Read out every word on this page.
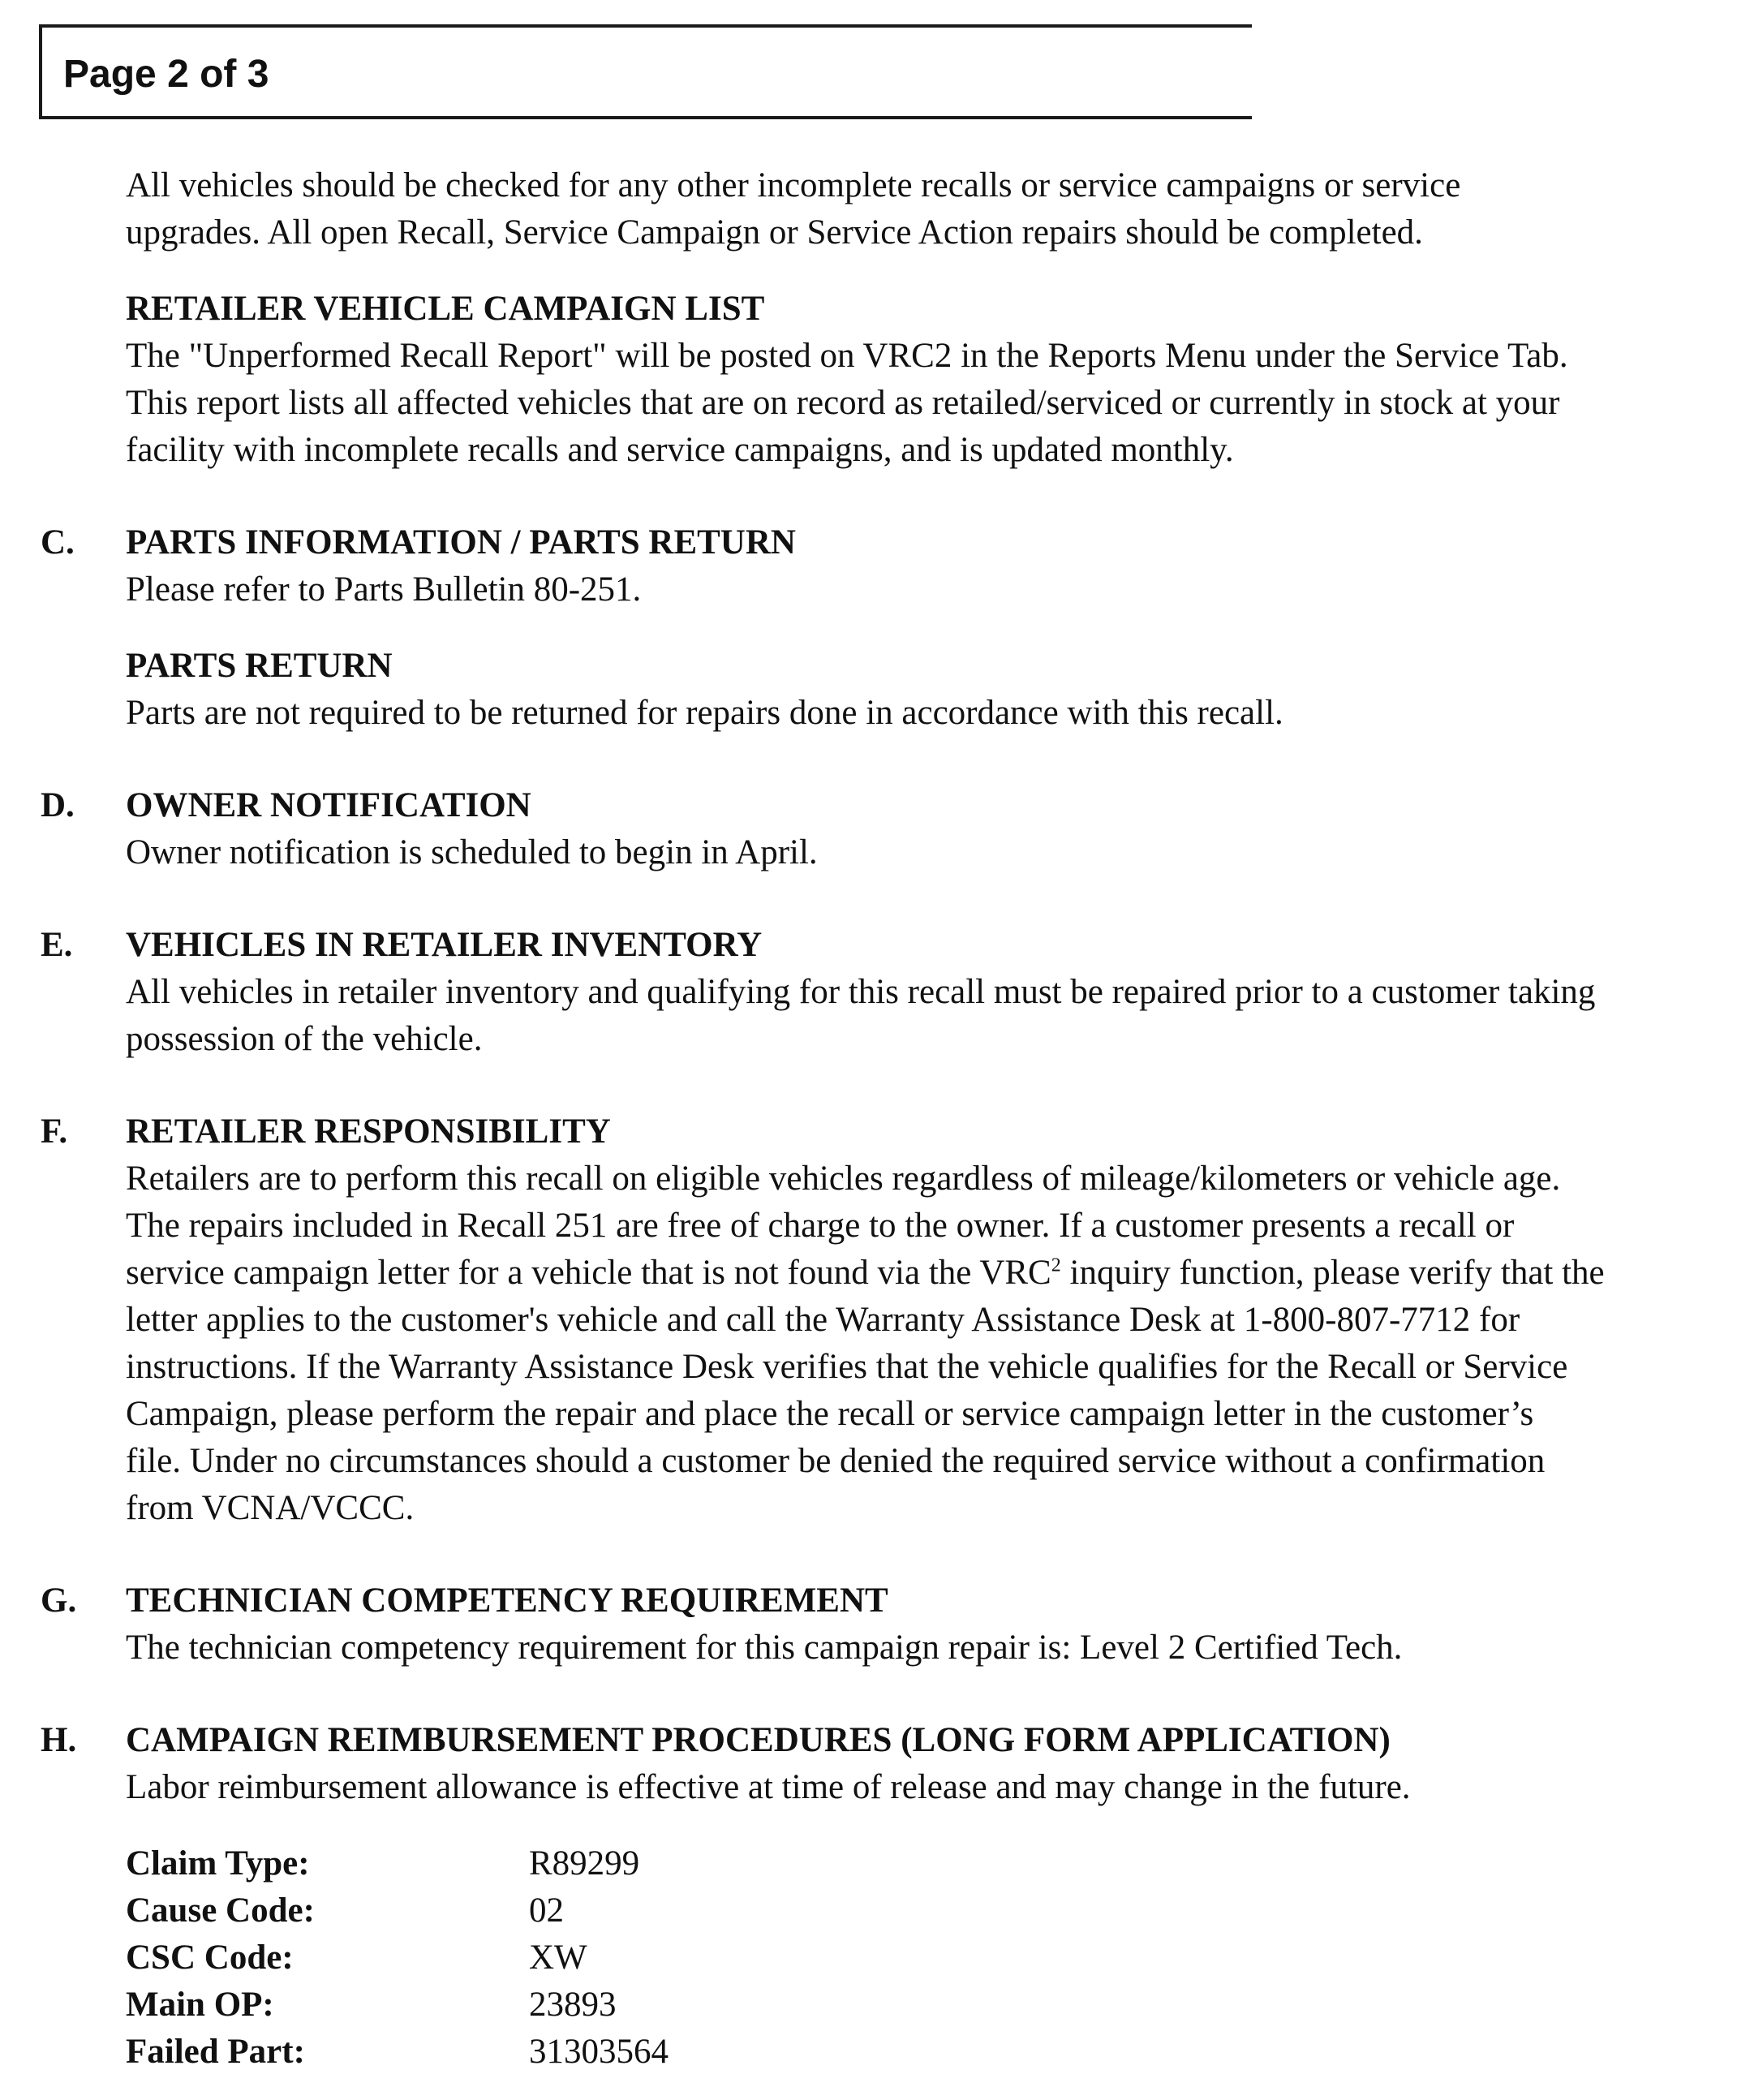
Page 2 of 3

All vehicles should be checked for any other incomplete recalls or service campaigns or service

upgrades. All open Recall, Service Campaign or Service Action repairs should be completed.

RETAILER VEHICLE CAMPAIGN LIST

The "Unperformed Recall Report" will be posted on VRC2 in the Reports Menu under the Service Tab.

This report lists all affected vehicles that are on record as retailed/serviced or currently in stock at your

facility with incomplete recalls and service campaigns, and is updated monthly.

C. PARTS INFORMATION / PARTS RETURN

Please refer to Parts Bulletin 80-251.

PARTS RETURN

Parts are not required to be returned for repairs done in accordance with this recall.

D. OWNER NOTIFICATION

Owner notification is scheduled to begin in April.

E. VEHICLES IN RETAILER INVENTORY

All vehicles in retailer inventory and qualifying for this recall must be repaired prior to a customer taking

possession of the vehicle.

F. RETAILER RESPONSIBILITY

Retailers are to perform this recall on eligible vehicles regardless of mileage/kilometers or vehicle age.

The repairs included in Recall 251 are free of charge to the owner. If a customer presents a recall or

service campaign letter for a vehicle that is not found via the VRC$^2$ inquiry function, please verify that the

letter applies to the customer's vehicle and call the Warranty Assistance Desk at 1-800-807-7712 for

instructions. If the Warranty Assistance Desk verifies that the vehicle qualifies for the Recall or Service

Campaign, please perform the repair and place the recall or service campaign letter in the customer’s

file. Under no circumstances should a customer be denied the required service without a confirmation

from VCNA/VCCC.

G. TECHNICIAN COMPETENCY REQUIREMENT

The technician competency requirement for this campaign repair is: Level 2 Certified Tech.

H. CAMPAIGN REIMBURSEMENT PROCEDURES (LONG FORM APPLICATION)

Labor reimbursement allowance is effective at time of release and may change in the future.

Claim Type:	R89299
Cause Code:	02
CSC Code:	XW
Main OP:	23893
Failed Part:	31303564
